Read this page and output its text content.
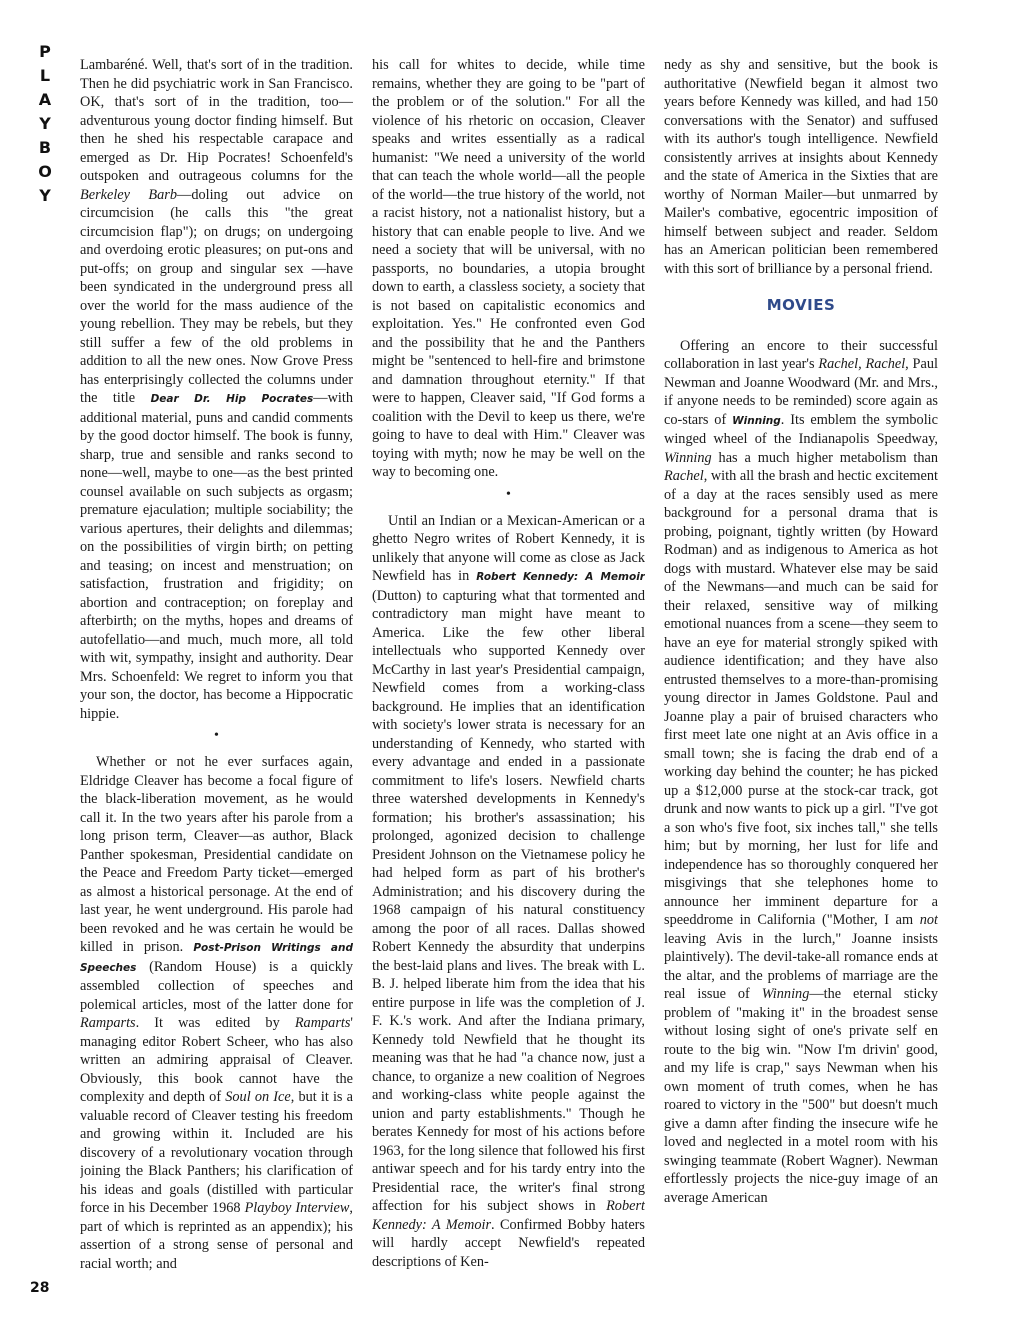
P
L
A
Y
B
O
Y
28

Lambaréné. Well, that's sort of in the tradition. Then he did psychiatric work in San Francisco. OK, that's sort of in the tradition, too—adventurous young doctor finding himself. But then he shed his respectable carapace and emerged as Dr. Hip Pocrates! Schoenfeld's outspoken and outrageous columns for the Berkeley Barb—doling out advice on circumcision (he calls this "the great circumcision flap"); on drugs; on undergoing and overdoing erotic pleasures; on put-ons and put-offs; on group and singular sex —have been syndicated in the underground press all over the world for the mass audience of the young rebellion. They may be rebels, but they still suffer a few of the old problems in addition to all the new ones. Now Grove Press has enterprisingly collected the columns under the title Dear Dr. Hip Pocrates—with additional material, puns and candid comments by the good doctor himself. The book is funny, sharp, true and sensible and ranks second to none—well, maybe to one—as the best printed counsel available on such subjects as orgasm; premature ejaculation; multiple sociability; the various apertures, their delights and dilemmas; on the possibilities of virgin birth; on petting and teasing; on incest and menstruation; on satisfaction, frustration and frigidity; on abortion and contraception; on foreplay and afterbirth; on the myths, hopes and dreams of autofellatio—and much, much more, all told with wit, sympathy, insight and authority. Dear Mrs. Schoenfeld: We regret to inform you that your son, the doctor, has become a Hippocratic hippie.

•

Whether or not he ever surfaces again, Eldridge Cleaver has become a focal figure of the black-liberation movement, as he would call it. In the two years after his parole from a long prison term, Cleaver—as author, Black Panther spokesman, Presidential candidate on the Peace and Freedom Party ticket—emerged as almost a historical personage. At the end of last year, he went underground. His parole had been revoked and he was certain he would be killed in prison. Post-Prison Writings and Speeches (Random House) is a quickly assembled collection of speeches and polemical articles, most of the latter done for Ramparts. It was edited by Ramparts' managing editor Robert Scheer, who has also written an admiring appraisal of Cleaver. Obviously, this book cannot have the complexity and depth of Soul on Ice, but it is a valuable record of Cleaver testing his freedom and growing within it. Included are his discovery of a revolutionary vocation through joining the Black Panthers; his clarification of his ideas and goals (distilled with particular force in his December 1968 Playboy Interview, part of which is reprinted as an appendix); his assertion of a strong sense of personal and racial worth; and

his call for whites to decide, while time remains, whether they are going to be "part of the problem or of the solution." For all the violence of his rhetoric on occasion, Cleaver speaks and writes essentially as a radical humanist: "We need a university of the world that can teach the whole world—all the people of the world—the true history of the world, not a racist history, not a nationalist history, but a history that can enable people to live. And we need a society that will be universal, with no passports, no boundaries, a utopia brought down to earth, a classless society, a society that is not based on capitalistic economics and exploitation. Yes." He confronted even God and the possibility that he and the Panthers might be "sentenced to hell-fire and brimstone and damnation throughout eternity." If that were to happen, Cleaver said, "If God forms a coalition with the Devil to keep us there, we're going to have to deal with Him." Cleaver was toying with myth; now he may be well on the way to becoming one.

•

Until an Indian or a Mexican-American or a ghetto Negro writes of Robert Kennedy, it is unlikely that anyone will come as close as Jack Newfield has in Robert Kennedy: A Memoir (Dutton) to capturing what that tormented and contradictory man might have meant to America. Like the few other liberal intellectuals who supported Kennedy over McCarthy in last year's Presidential campaign, Newfield comes from a working-class background. He implies that an identification with society's lower strata is necessary for an understanding of Kennedy, who started with every advantage and ended in a passionate commitment to life's losers. Newfield charts three watershed developments in Kennedy's formation; his brother's assassination; his prolonged, agonized decision to challenge President Johnson on the Vietnamese policy he had helped form as part of his brother's Administration; and his discovery during the 1968 campaign of his natural constituency among the poor of all races. Dallas showed Robert Kennedy the absurdity that underpins the best-laid plans and lives. The break with L. B. J. helped liberate him from the idea that his entire purpose in life was the completion of J. F. K.'s work. And after the Indiana primary, Kennedy told Newfield that he thought its meaning was that he had "a chance now, just a chance, to organize a new coalition of Negroes and working-class white people against the union and party establishments." Though he berates Kennedy for most of his actions before 1963, for the long silence that followed his first antiwar speech and for his tardy entry into the Presidential race, the writer's final strong affection for his subject shows in Robert Kennedy: A Memoir. Confirmed Bobby haters will hardly accept Newfield's repeated descriptions of Ken-

nedy as shy and sensitive, but the book is authoritative (Newfield began it almost two years before Kennedy was killed, and had 150 conversations with the Senator) and suffused with its author's tough intelligence. Newfield consistently arrives at insights about Kennedy and the state of America in the Sixties that are worthy of Norman Mailer—but unmarred by Mailer's combative, egocentric imposition of himself between subject and reader. Seldom has an American politician been remembered with this sort of brilliance by a personal friend.

MOVIES

Offering an encore to their successful collaboration in last year's Rachel, Rachel, Paul Newman and Joanne Woodward (Mr. and Mrs., if anyone needs to be reminded) score again as co-stars of Winning. Its emblem the symbolic winged wheel of the Indianapolis Speedway, Winning has a much higher metabolism than Rachel, with all the brash and hectic excitement of a day at the races sensibly used as mere background for a personal drama that is probing, poignant, tightly written (by Howard Rodman) and as indigenous to America as hot dogs with mustard. Whatever else may be said of the Newmans—and much can be said for their relaxed, sensitive way of milking emotional nuances from a scene—they seem to have an eye for material strongly spiked with audience identification; and they have also entrusted themselves to a more-than-promising young director in James Goldstone. Paul and Joanne play a pair of bruised characters who first meet late one night at an Avis office in a small town; she is facing the drab end of a working day behind the counter; he has picked up a $12,000 purse at the stock-car track, got drunk and now wants to pick up a girl. "I've got a son who's five foot, six inches tall," she tells him; but by morning, her lust for life and independence has so thoroughly conquered her misgivings that she telephones home to announce her imminent departure for a speeddrome in California ("Mother, I am not leaving Avis in the lurch," Joanne insists plaintively). The devil-take-all romance ends at the altar, and the problems of marriage are the real issue of Winning—the eternal sticky problem of "making it" in the broadest sense without losing sight of one's private self en route to the big win. "Now I'm drivin' good, and my life is crap," says Newman when his own moment of truth comes, when he has roared to victory in the "500" but doesn't much give a damn after finding the insecure wife he loved and neglected in a motel room with his swinging teammate (Robert Wagner). Newman effortlessly projects the nice-guy image of an average American
